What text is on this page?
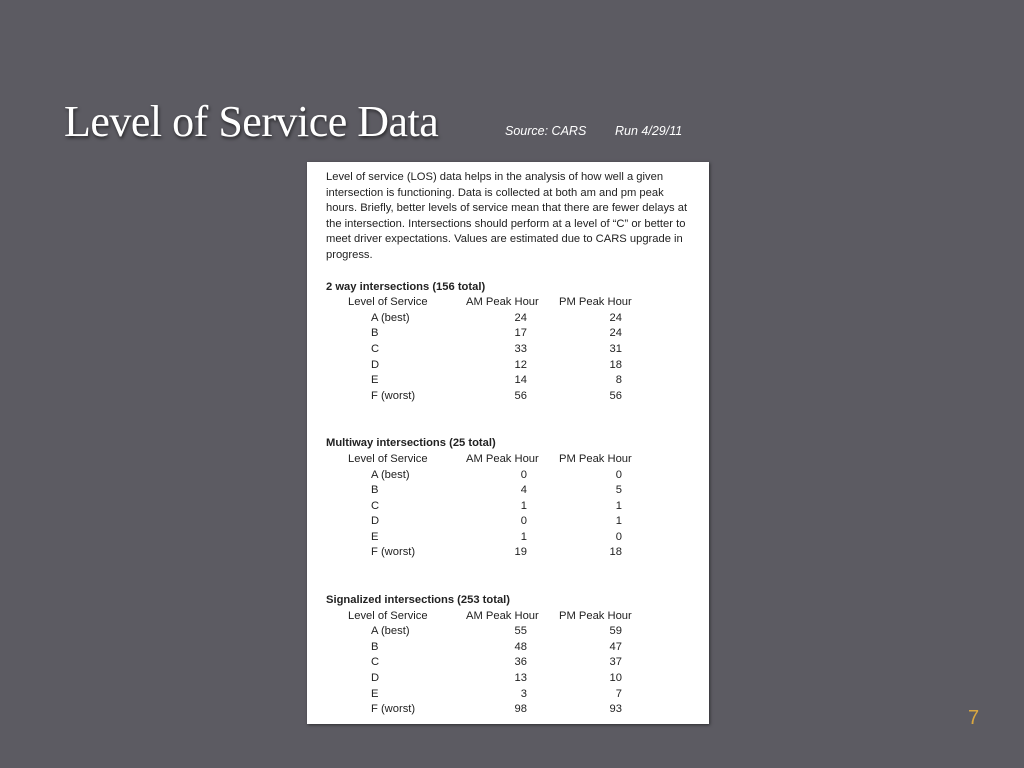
Level of Service Data	Source: CARS Run 4/29/11
Level of service (LOS) data helps in the analysis of how well a given intersection is functioning. Data is collected at both am and pm peak hours. Briefly, better levels of service mean that there are fewer delays at the intersection. Intersections should perform at a level of “C” or better to meet driver expectations. Values are estimated due to CARS upgrade in progress.
2 way intersections (156 total)
Level of Service	AM Peak Hour PM Peak Hour
A (best)	24	24
B	17	24
C	33	31
D	12	18
E	14	8
F (worst)	56	56
Multiway intersections (25 total)
Level of Service	AM Peak Hour PM Peak Hour
A (best)	0	0
B	4	5
C	1	1
D	0	1
E	1	0
F (worst)	19	18
Signalized intersections (253 total)
Level of Service	AM Peak Hour PM Peak Hour
A (best)	55	59
B	48	47
C	36	37
D	13	10
E	3	7
F (worst)	98	93	7
